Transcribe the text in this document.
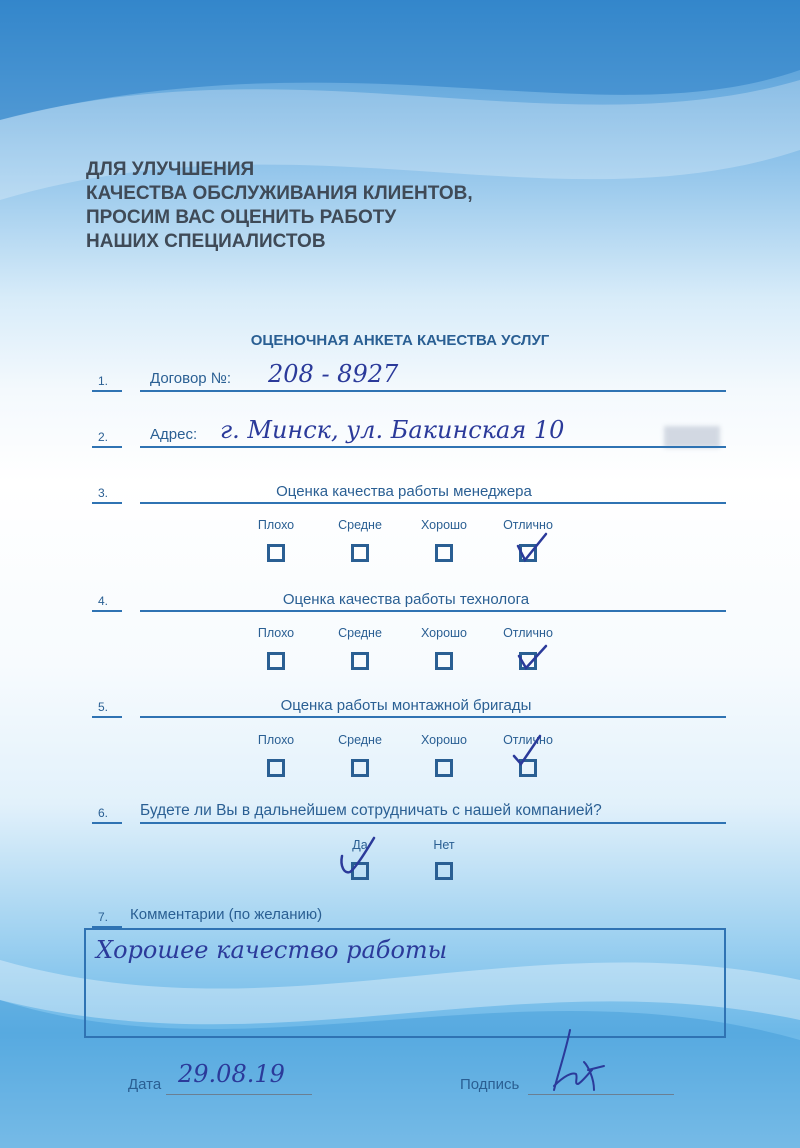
ДЛЯ УЛУЧШЕНИЯ
КАЧЕСТВА ОБСЛУЖИВАНИЯ КЛИЕНТОВ,
ПРОСИМ ВАС ОЦЕНИТЬ РАБОТУ
НАШИХ СПЕЦИАЛИСТОВ
ОЦЕНОЧНАЯ АНКЕТА КАЧЕСТВА УСЛУГ
1.	Договор №: 208 - 8927
2.	Адрес: г. Минск, ул. Бакинская 10
3.	Оценка качества работы менеджера
Плохо	Средне	Хорошо	Отлично
4.	Оценка качества работы технолога
Плохо	Средне	Хорошо	Отлично
5.	Оценка работы монтажной бригады
Плохо	Средне	Хорошо	Отлично
6. Будете ли Вы в дальнейшем сотрудничать с нашей компанией?
Да	Нет
7. Комментарии (по желанию)
Хорошее качество работы
Дата 29.08.19	Подпись
